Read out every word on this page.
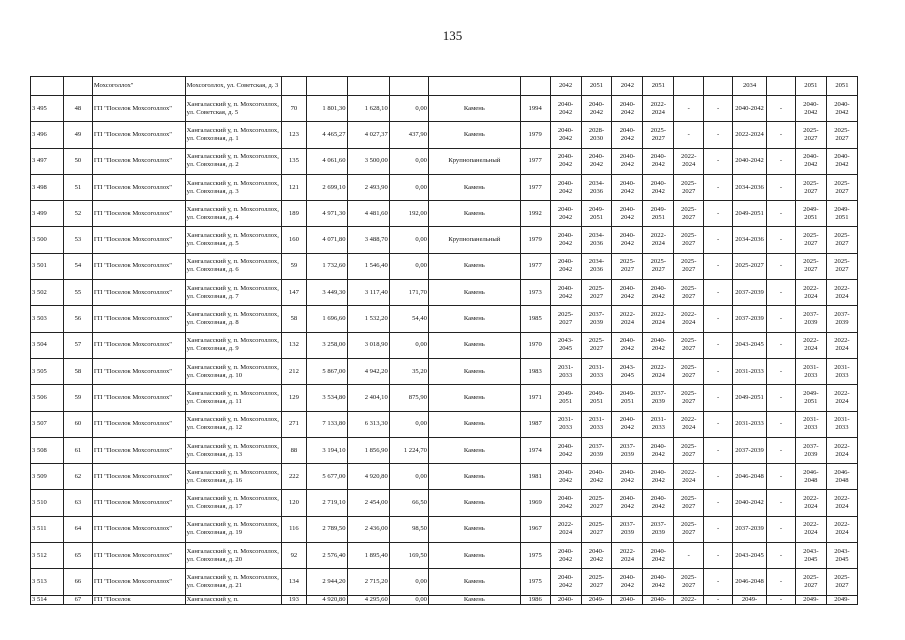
135
		Мохсоголлох"	Мохсоголлох, ул. Советская, д. 3							2042	2051	2042	2051			2034		2051	2051
3 495	48	ГП "Поселок Мохсоголлох"	Хангаласский у, п. Мохсоголлох, ул. Советская, д. 5	70	1 801,30	1 628,10	0,00	Камень	1994	2040-2042	2040-2042	2040-2042	2022-2024	-	-	2040-2042	-	2040-2042	2040-2042
3 496	49	ГП "Поселок Мохсоголлох"	Хангаласский у, п. Мохсоголлох, ул. Совхозная, д. 1	123	4 465,27	4 027,37	437,90	Камень	1979	2040-2042	2028-2030	2040-2042	2025-2027	-	-	2022-2024	-	2025-2027	2025-2027
3 497	50	ГП "Поселок Мохсоголлох"	Хангаласский у, п. Мохсоголлох, ул. Совхозная, д. 2	135	4 061,60	3 500,00	0,00	Крупнопанельный	1977	2040-2042	2040-2042	2040-2042	2040-2042	2022-2024	-	2040-2042	-	2040-2042	2040-2042
3 498	51	ГП "Поселок Мохсоголлох"	Хангаласский у, п. Мохсоголлох, ул. Совхозная, д. 3	121	2 699,10	2 493,90	0,00	Камень	1977	2040-2042	2034-2036	2040-2042	2040-2042	2025-2027	-	2034-2036	-	2025-2027	2025-2027
3 499	52	ГП "Поселок Мохсоголлох"	Хангаласский у, п. Мохсоголлох, ул. Совхозная, д. 4	189	4 971,30	4 481,60	192,00	Камень	1992	2040-2042	2049-2051	2040-2042	2049-2051	2025-2027	-	2049-2051	-	2049-2051	2049-2051
3 500	53	ГП "Поселок Мохсоголлох"	Хангаласский у, п. Мохсоголлох, ул. Совхозная, д. 5	160	4 071,80	3 488,70	0,00	Крупнопанельный	1979	2040-2042	2034-2036	2040-2042	2022-2024	2025-2027	-	2034-2036	-	2025-2027	2025-2027
3 501	54	ГП "Поселок Мохсоголлох"	Хангаласский у, п. Мохсоголлох, ул. Совхозная, д. 6	59	1 732,60	1 546,40	0,00	Камень	1977	2040-2042	2034-2036	2025-2027	2025-2027	2025-2027	-	2025-2027	-	2025-2027	2025-2027
3 502	55	ГП "Поселок Мохсоголлох"	Хангаласский у, п. Мохсоголлох, ул. Совхозная, д. 7	147	3 449,30	3 117,40	171,70	Камень	1973	2040-2042	2025-2027	2040-2042	2040-2042	2025-2027	-	2037-2039	-	2022-2024	2022-2024
3 503	56	ГП "Поселок Мохсоголлох"	Хангаласский у, п. Мохсоголлох, ул. Совхозная, д. 8	58	1 696,60	1 532,20	54,40	Камень	1985	2025-2027	2037-2039	2022-2024	2022-2024	2022-2024	-	2037-2039	-	2037-2039	2037-2039
3 504	57	ГП "Поселок Мохсоголлох"	Хангаласский у, п. Мохсоголлох, ул. Совхозная, д. 9	132	3 258,00	3 018,90	0,00	Камень	1970	2043-2045	2025-2027	2040-2042	2040-2042	2025-2027	-	2043-2045	-	2022-2024	2022-2024
3 505	58	ГП "Поселок Мохсоголлох"	Хангаласский у, п. Мохсоголлох, ул. Совхозная, д. 10	212	5 867,00	4 942,20	35,20	Камень	1983	2031-2033	2031-2033	2043-2045	2022-2024	2025-2027	-	2031-2033	-	2031-2033	2031-2033
3 506	59	ГП "Поселок Мохсоголлох"	Хангаласский у, п. Мохсоголлох, ул. Совхозная, д. 11	129	3 534,80	2 404,10	875,90	Камень	1971	2049-2051	2049-2051	2049-2051	2037-2039	2025-2027	-	2049-2051	-	2049-2051	2022-2024
3 507	60	ГП "Поселок Мохсоголлох"	Хангаласский у, п. Мохсоголлох, ул. Совхозная, д. 12	271	7 133,80	6 313,30	0,00	Камень	1987	2031-2033	2031-2033	2040-2042	2031-2033	2022-2024	-	2031-2033	-	2031-2033	2031-2033
3 508	61	ГП "Поселок Мохсоголлох"	Хангаласский у, п. Мохсоголлох, ул. Совхозная, д. 13	88	3 194,10	1 856,90	1 224,70	Камень	1974	2040-2042	2037-2039	2037-2039	2040-2042	2025-2027	-	2037-2039	-	2037-2039	2022-2024
3 509	62	ГП "Поселок Мохсоголлох"	Хангаласский у, п. Мохсоголлох, ул. Совхозная, д. 16	222	5 677,00	4 920,80	0,00	Камень	1981	2040-2042	2040-2042	2040-2042	2040-2042	2022-2024	-	2046-2048	-	2046-2048	2046-2048
3 510	63	ГП "Поселок Мохсоголлох"	Хангаласский у, п. Мохсоголлох, ул. Совхозная, д. 17	120	2 719,10	2 454,00	66,50	Камень	1969	2040-2042	2025-2027	2040-2042	2040-2042	2025-2027	-	2040-2042	-	2022-2024	2022-2024
3 511	64	ГП "Поселок Мохсоголлох"	Хангаласский у, п. Мохсоголлох, ул. Совхозная, д. 19	116	2 789,50	2 436,00	98,50	Камень	1967	2022-2024	2025-2027	2037-2039	2037-2039	2025-2027	-	2037-2039	-	2022-2024	2022-2024
3 512	65	ГП "Поселок Мохсоголлох"	Хангаласский у, п. Мохсоголлох, ул. Совхозная, д. 20	92	2 576,40	1 895,40	169,50	Камень	1975	2040-2042	2040-2042	2022-2024	2040-2042	-	-	2043-2045	-	2043-2045	2043-2045
3 513	66	ГП "Поселок Мохсоголлох"	Хангаласский у, п. Мохсоголлох, ул. Совхозная, д. 21	134	2 944,20	2 715,20	0,00	Камень	1975	2040-2042	2025-2027	2040-2042	2040-2042	2025-2027	-	2046-2048	-	2025-2027	2025-2027
3 514	67	ГП "Поселок	Хангаласский у, п.	193	4 920,80	4 295,60	0,00	Камень	1986	2040-	2049-	2040-	2040-	2022-	-	2049-	-	2049-	2049-
